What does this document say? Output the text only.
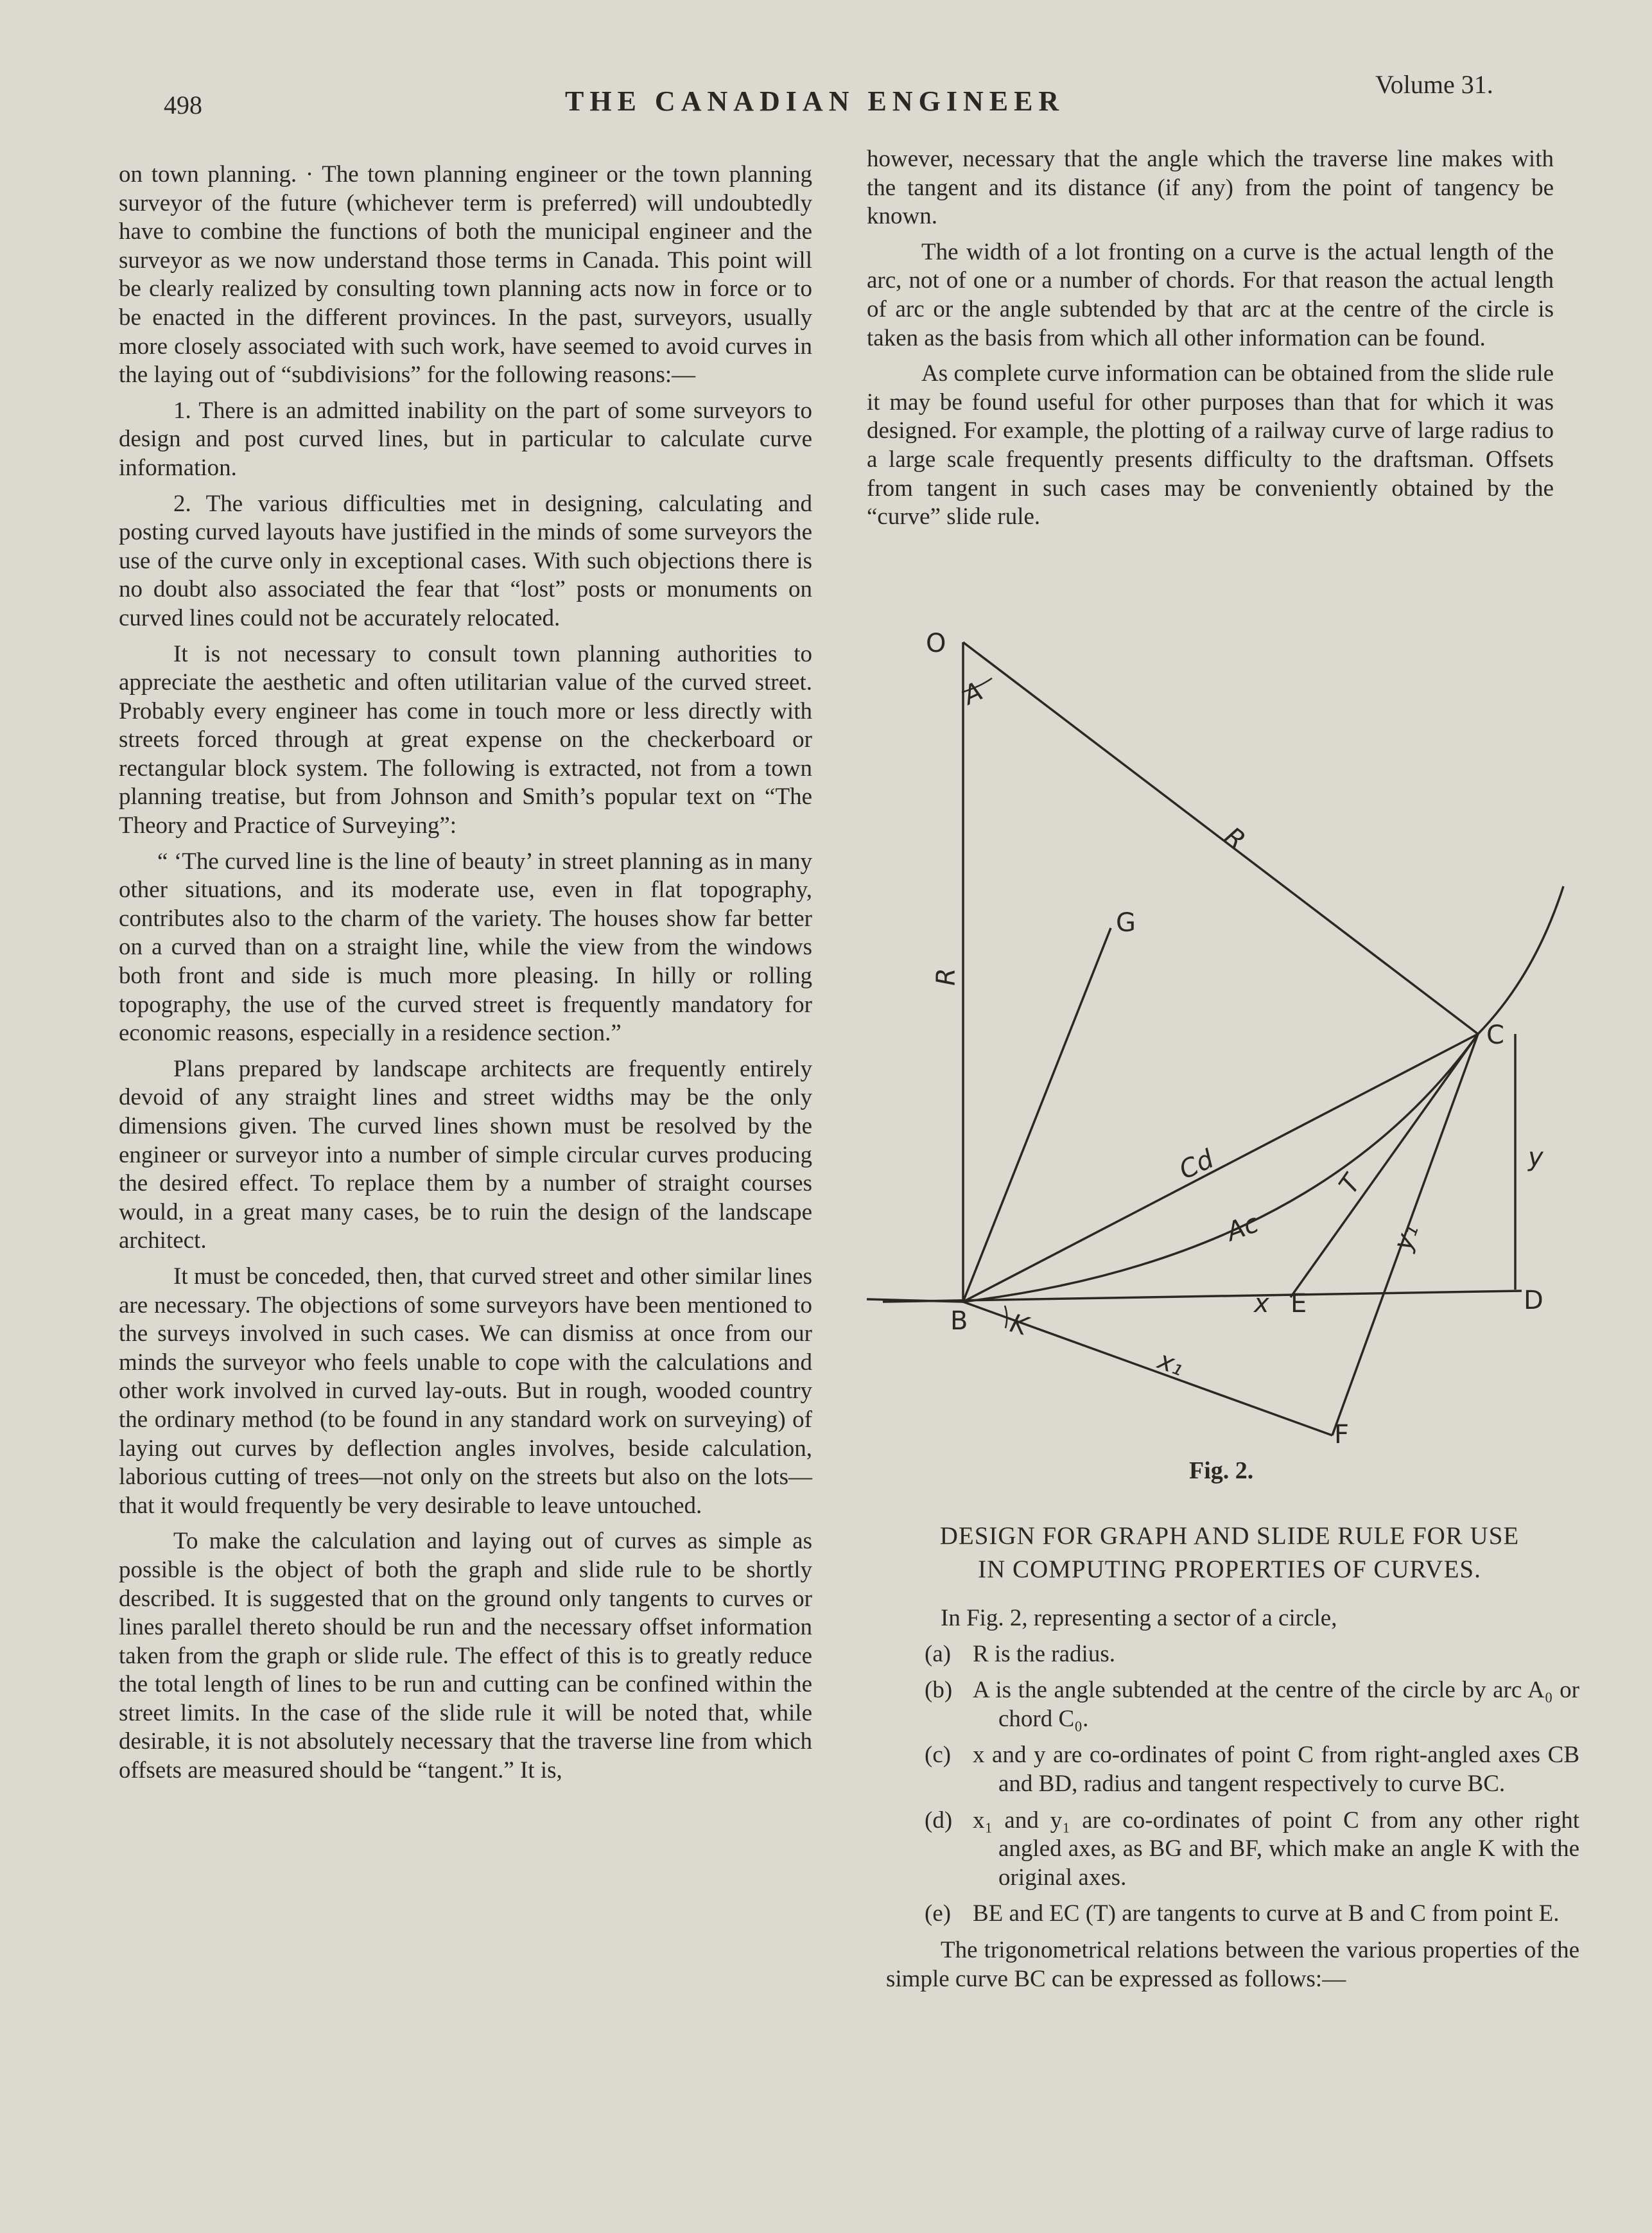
498	THE CANADIAN ENGINEER
Volume 31.

on town planning. · The town planning engineer or the town planning surveyor of the future (whichever term is preferred) will undoubtedly have to combine the functions of both the municipal engineer and the surveyor as we now understand those terms in Canada. This point will be clearly realized by consulting town planning acts now in force or to be enacted in the different provinces. In the past, surveyors, usually more closely associated with such work, have seemed to avoid curves in the laying out of “subdivisions” for the following reasons:—

1. There is an admitted inability on the part of some surveyors to design and post curved lines, but in particular to calculate curve information.

2. The various difficulties met in designing, calculating and posting curved layouts have justified in the minds of some surveyors the use of the curve only in exceptional cases. With such objections there is no doubt also associated the fear that “lost” posts or monuments on curved lines could not be accurately relocated.

It is not necessary to consult town planning authorities to appreciate the aesthetic and often utilitarian value of the curved street. Probably every engineer has come in touch more or less directly with streets forced through at great expense on the checkerboard or rectangular block system. The following is extracted, not from a town planning treatise, but from Johnson and Smith’s popular text on “The Theory and Practice of Surveying”:

“ ‘The curved line is the line of beauty’ in street planning as in many other situations, and its moderate use, even in flat topography, contributes also to the charm of the variety. The houses show far better on a curved than on a straight line, while the view from the windows both front and side is much more pleasing. In hilly or rolling topography, the use of the curved street is frequently mandatory for economic reasons, especially in a residence section.”

Plans prepared by landscape architects are frequently entirely devoid of any straight lines and street widths may be the only dimensions given. The curved lines shown must be resolved by the engineer or surveyor into a number of simple circular curves producing the desired effect. To replace them by a number of straight courses would, in a great many cases, be to ruin the design of the landscape architect.

It must be conceded, then, that curved street and other similar lines are necessary. The objections of some surveyors have been mentioned to the surveys involved in such cases. We can dismiss at once from our minds the surveyor who feels unable to cope with the calculations and other work involved in curved lay-outs. But in rough, wooded country the ordinary method (to be found in any standard work on surveying) of laying out curves by deflection angles involves, beside calculation, laborious cutting of trees—not only on the streets but also on the lots—that it would frequently be very desirable to leave untouched.

To make the calculation and laying out of curves as simple as possible is the object of both the graph and slide rule to be shortly described. It is suggested that on the ground only tangents to curves or lines parallel thereto should be run and the necessary offset information taken from the graph or slide rule. The effect of this is to greatly reduce the total length of lines to be run and cutting can be confined within the street limits. In the case of the slide rule it will be noted that, while desirable, it is not absolutely necessary that the traverse line from which offsets are measured should be “tangent.” It is,

however, necessary that the angle which the traverse line makes with the tangent and its distance (if any) from the point of tangency be known.

The width of a lot fronting on a curve is the actual length of the arc, not of one or a number of chords. For that reason the actual length of arc or the angle subtended by that arc at the centre of the circle is taken as the basis from which all other information can be found.

As complete curve information can be obtained from the slide rule it may be found useful for other purposes than that for which it was designed. For example, the plotting of a railway curve of large radius to a large scale frequently presents difficulty to the draftsman. Offsets from tangent in such cases may be conveniently obtained by the “curve” slide rule.

O
A
R
R
G
C
Cd
Ac
T
y
y₁
B
x E	D
K
x₁
F
Fig. 2.
DESIGN FOR GRAPH AND SLIDE RULE FOR USE
IN COMPUTING PROPERTIES OF CURVES.

In Fig. 2, representing a sector of a circle,

(a) R is the radius.
(b) A is the angle subtended at the centre of the circle by arc A₀ or chord C₀.
(c) x and y are co-ordinates of point C from right-angled axes CB and BD, radius and tangent respectively to curve BC.
(d) x₁ and y₁ are co-ordinates of point C from any other right angled axes, as BG and BF, which make an angle K with the original axes.
(e) BE and EC (T) are tangents to curve at B and C from point E.

The trigonometrical relations between the various properties of the simple curve BC can be expressed as follows:—
